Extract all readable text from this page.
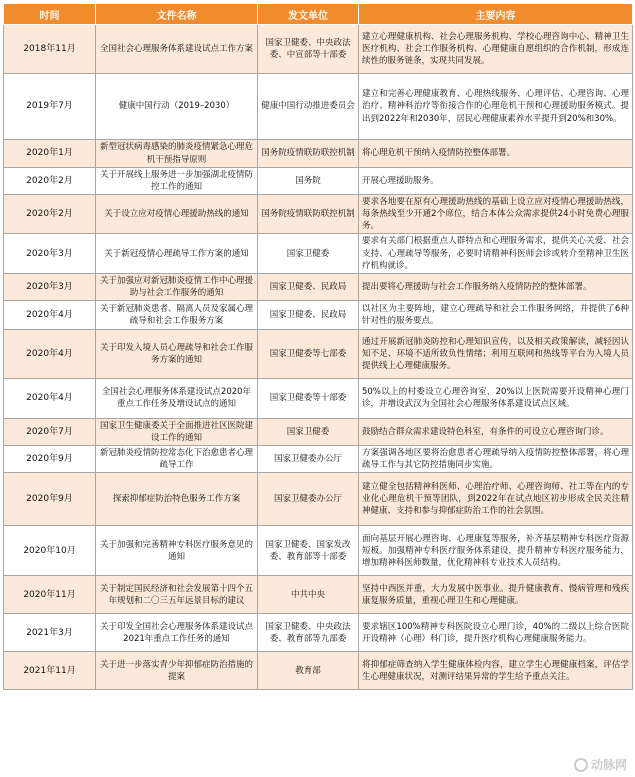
时间	文件名称	发文单位	主要内容
2018年11月	全国社会心理服务体系建设试点工作方案	国家卫健委、中央政法委、中宣部等十部委	建立心理健康机构、社会心理服务机构、学校心理咨询中心、精神卫生医疗机构、社会工作服务机构、心理健康自愿组织的合作机制，形成连续性的服务链条，实现共同发展。
2019年7月	健康中国行动（2019–2030）	健康中国行动推进委员会	建立和完善心理健康教育、心理热线服务、心理评估、心理咨询、心理治疗、精神科治疗等衔接合作的心理危机干预和心理援助服务模式。提出到2022年和2030年，居民心理健康素养水平提升到20%和30%。
2020年1月	新型冠状病毒感染的肺炎疫情紧急心理危机干预指导原则	国务院疫情联防联控机制	将心理危机干预纳入疫情防控整体部署。
2020年2月	关于开展线上服务进一步加强湖北疫情防控工作的通知	国务院	开展心理援助服务。
2020年2月	关于设立应对疫情心理援助热线的通知	国务院疫情联防联控机制	要求各地要在原有心理援助热线的基础上设立应对疫情心理援助热线，每条热线至少开通2个席位，结合本体公众需求提供24小时免费心理服务。
2020年3月	关于新冠疫情心理疏导工作方案的通知	国家卫健委	要求有关部门根据重点人群特点和心理服务需求，提供关心关爱、社会支持、心理疏导等服务，必要时请精神科医师会诊或转介至精神卫生医疗机构就诊。
2020年3月	关于加强应对新冠肺炎疫情工作中心理援助与社会工作服务的通知	国家卫健委、民政局	提出要将心理援助与社会工作服务纳入疫情防控的整体部署。
2020年4月	关于新冠肺炎患者、隔离人员及家属心理疏导和社会工作服务方案	国家卫健委、民政局	以社区为主要阵地，建立心理疏导和社会工作服务网络，并提供了6种针对性的服务要点。
2020年4月	关于印发入境人员心理疏导和社会工作服务方案的通知	国家卫健委等七部委	通过开展新冠肺炎防控和心理知识宣传，以及相关政策解读，减轻因认知不足、环境不适所致负性情绪；利用互联网和热线等平台为入境人员提供线上心理健康服务。
2020年4月	全国社会心理服务体系建设试点2020年重点工作任务及增设试点的通知	国家卫健委等十部委	50%以上的村委设立心理咨询室，20%以上医院需要开设精神心理门诊，并增设武汉为全国社会心理服务体系建设试点区域。
2020年7月	国家卫生健康委关于全面推进社区医院建设工作的通知	国家卫健委	鼓励结合群众需求建设特色科室，有条件的可设立心理咨询门诊。
2020年9月	新冠肺炎疫情防控常态化下治愈患者心理疏导工作	国家卫健委办公厅	方案强调各地区要将治愈患者心理疏导纳入疫情防控整体部署，将心理疏导工作与其它防控措施同步实施。
2020年9月	探索抑郁症防治特色服务工作方案	国家卫健委办公厅	建立健全包括精神科医师、心理治疗师、心理咨询师、社工等在内的专业化心理危机干预等团队，到2022年在试点地区初步形成全民关注精神健康、支持和参与抑郁症防治工作的社会氛围。
2020年10月	关于加强和完善精神专科医疗服务意见的通知	国家卫健委、国家发改委、教育部等十部委	面向基层开展心理咨询、心理康复等服务，补齐基层精神专科医疗资源短板。加强精神专科医疗服务体系建设，提升精神专科医疗服务能力，增加精神科医师数量，优化精神科专业技术人员结构。
2020年11月	关于制定国民经济和社会发展第十四个五年规划和二〇三五年远景目标的建议	中共中央	坚持中西医并重，大力发展中医事业。提升健康教育、慢病管理和残疾康复服务质量，重视心理卫生和心理健康。
2021年3月	关于印发全国社会心理服务体系建设试点2021年重点工作任务的通知	国家卫健委、中央政法委、教育部等九部委	要求辖区100%精神专科医院设立心理门诊，40%的二级以上综合医院开设精神（心理）科门诊，提升医疗机构心理健康服务能力。
2021年11月	关于进一步落实青少年抑郁症防治措施的提案	教育部	将抑郁症筛查纳入学生健康体检内容，建立学生心理健康档案，评估学生心理健康状况，对测评结果异常的学生给予重点关注。
动脉网
